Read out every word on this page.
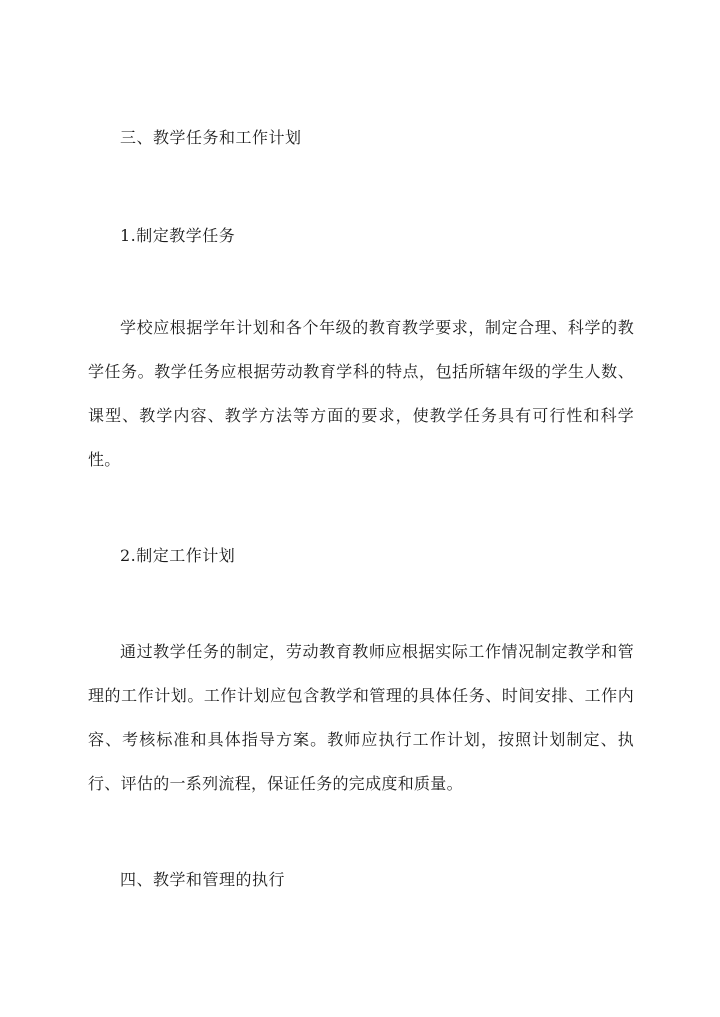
三、教学任务和工作计划
1.制定教学任务

学校应根据学年计划和各个年级的教育教学要求，制定合理、科学的教学任务。教学任务应根据劳动教育学科的特点，包括所辖年级的学生人数、课型、教学内容、教学方法等方面的要求，使教学任务具有可行性和科学性。

2.制定工作计划

通过教学任务的制定，劳动教育教师应根据实际工作情况制定教学和管理的工作计划。工作计划应包含教学和管理的具体任务、时间安排、工作内容、考核标准和具体指导方案。教师应执行工作计划，按照计划制定、执行、评估的一系列流程，保证任务的完成度和质量。

四、教学和管理的执行
